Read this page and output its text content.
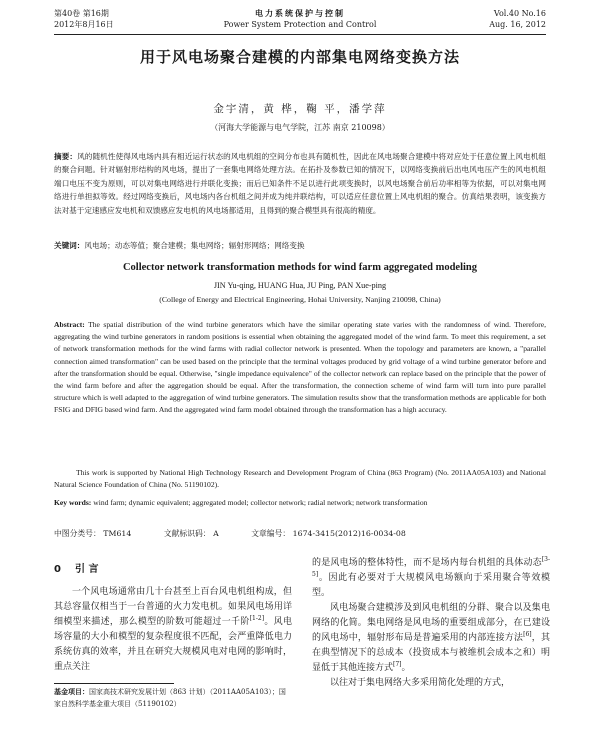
第40卷 第16期
2012年8月16日
电力系统保护与控制
Power System Protection and Control
Vol.40 No.16
Aug. 16, 2012
用于风电场聚合建模的内部集电网络变换方法
金宇清，黄 桦，鞠 平，潘学萍
（河海大学能源与电气学院，江苏 南京 210098）
摘要：风的随机性使得风电场内具有相近运行状态的风电机组的空间分布也具有随机性，因此在风电场聚合建模中将对应处于任意位置上风电机组的聚合问题。针对辐射形结构的风电场，提出了一套集电网络处理方法。在拓扑及参数已知的情况下，以网络变换前后出电风电压产生的风电机组端口电压不变为原则，可以对集电网络进行并联化变换；而后已知条件不足以进行此项变换时，以风电场聚合前后功率相等为依据，可以对集电网络进行单担拟等效。经过网络变换后，风电场内各台机组之间并成为纯并联结构，可以适应任意位置上风电机组的聚合。仿真结果表明，该变换方法对基于定速感应发电机和双馈感应发电机的风电场都适用，且得到的聚合模型具有很高的精度。
关键词：风电场；动态等值；聚合建模；集电网络；辐射形网络；网络变换
Collector network transformation methods for wind farm aggregated modeling
JIN Yu-qing, HUANG Hua, JU Ping, PAN Xue-ping
(College of Energy and Electrical Engineering, Hohai University, Nanjing 210098, China)
Abstract: The spatial distribution of the wind turbine generators which have the similar operating state varies with the randomness of wind. Therefore, aggregating the wind turbine generators in random positions is essential when obtaining the aggregated model of the wind farm. To meet this requirement, a set of network transformation methods for the wind farms with radial collector network is presented. When the topology and parameters are known, a "parallel connection aimed transformation" can be used based on the principle that the terminal voltages produced by grid voltage of a wind turbine generator before and after the transformation should be equal. Otherwise, "single impedance equivalence" of the collector network can replace based on the principle that the power of the wind farm before and after the aggregation should be equal. After the transformation, the connection scheme of wind farm will turn into pure parallel structure which is well adapted to the aggregation of wind turbine generators. The simulation results show that the transformation methods are applicable for both FSIG and DFIG based wind farm. And the aggregated wind farm model obtained through the transformation has a high accuracy.
This work is supported by National High Technology Research and Development Program of China (863 Program) (No. 2011AA05A103) and National Natural Science Foundation of China (No. 51190102).
Key words: wind farm; dynamic equivalent; aggregated model; collector network; radial network; network transformation
中图分类号： TM614	文献标识码： A	文章编号： 1674-3415(2012)16-0034-08
0 引 言

一个风电场通常由几十台甚至上百台风电机组构成，但其总容量仅相当于一台普通的火力发电机。如果风电场用详细模型来描述，那么模型的阶数可能超过一千阶[1-2]。风电场容量的大小和模型的复杂程度很不匹配，会严重降低电力系统仿真的效率，并且在研究大规模风电对电网的影响时，重点关注

的是风电场的整体特性，而不是场内每台机组的具体动态[3-5]。因此有必要对于大规模风电场额向于采用聚合等效模型。

风电场聚合建模涉及到风电机组的分群、聚合以及集电网络的化简。集电网络是风电场的重要组成部分，在已建设的风电场中，辐射形布局是普遍采用的内部连接方法[6]，其在典型情况下的总成本（投资成本与被维机会成本之和）明显低于其他连接方式[7]。

以往对于集电网络大多采用简化处理的方式，

基金项目：国家高技术研究发展计划（863 计划）（2011AA05A103）；国家自然科学基金重大项目（51190102）
